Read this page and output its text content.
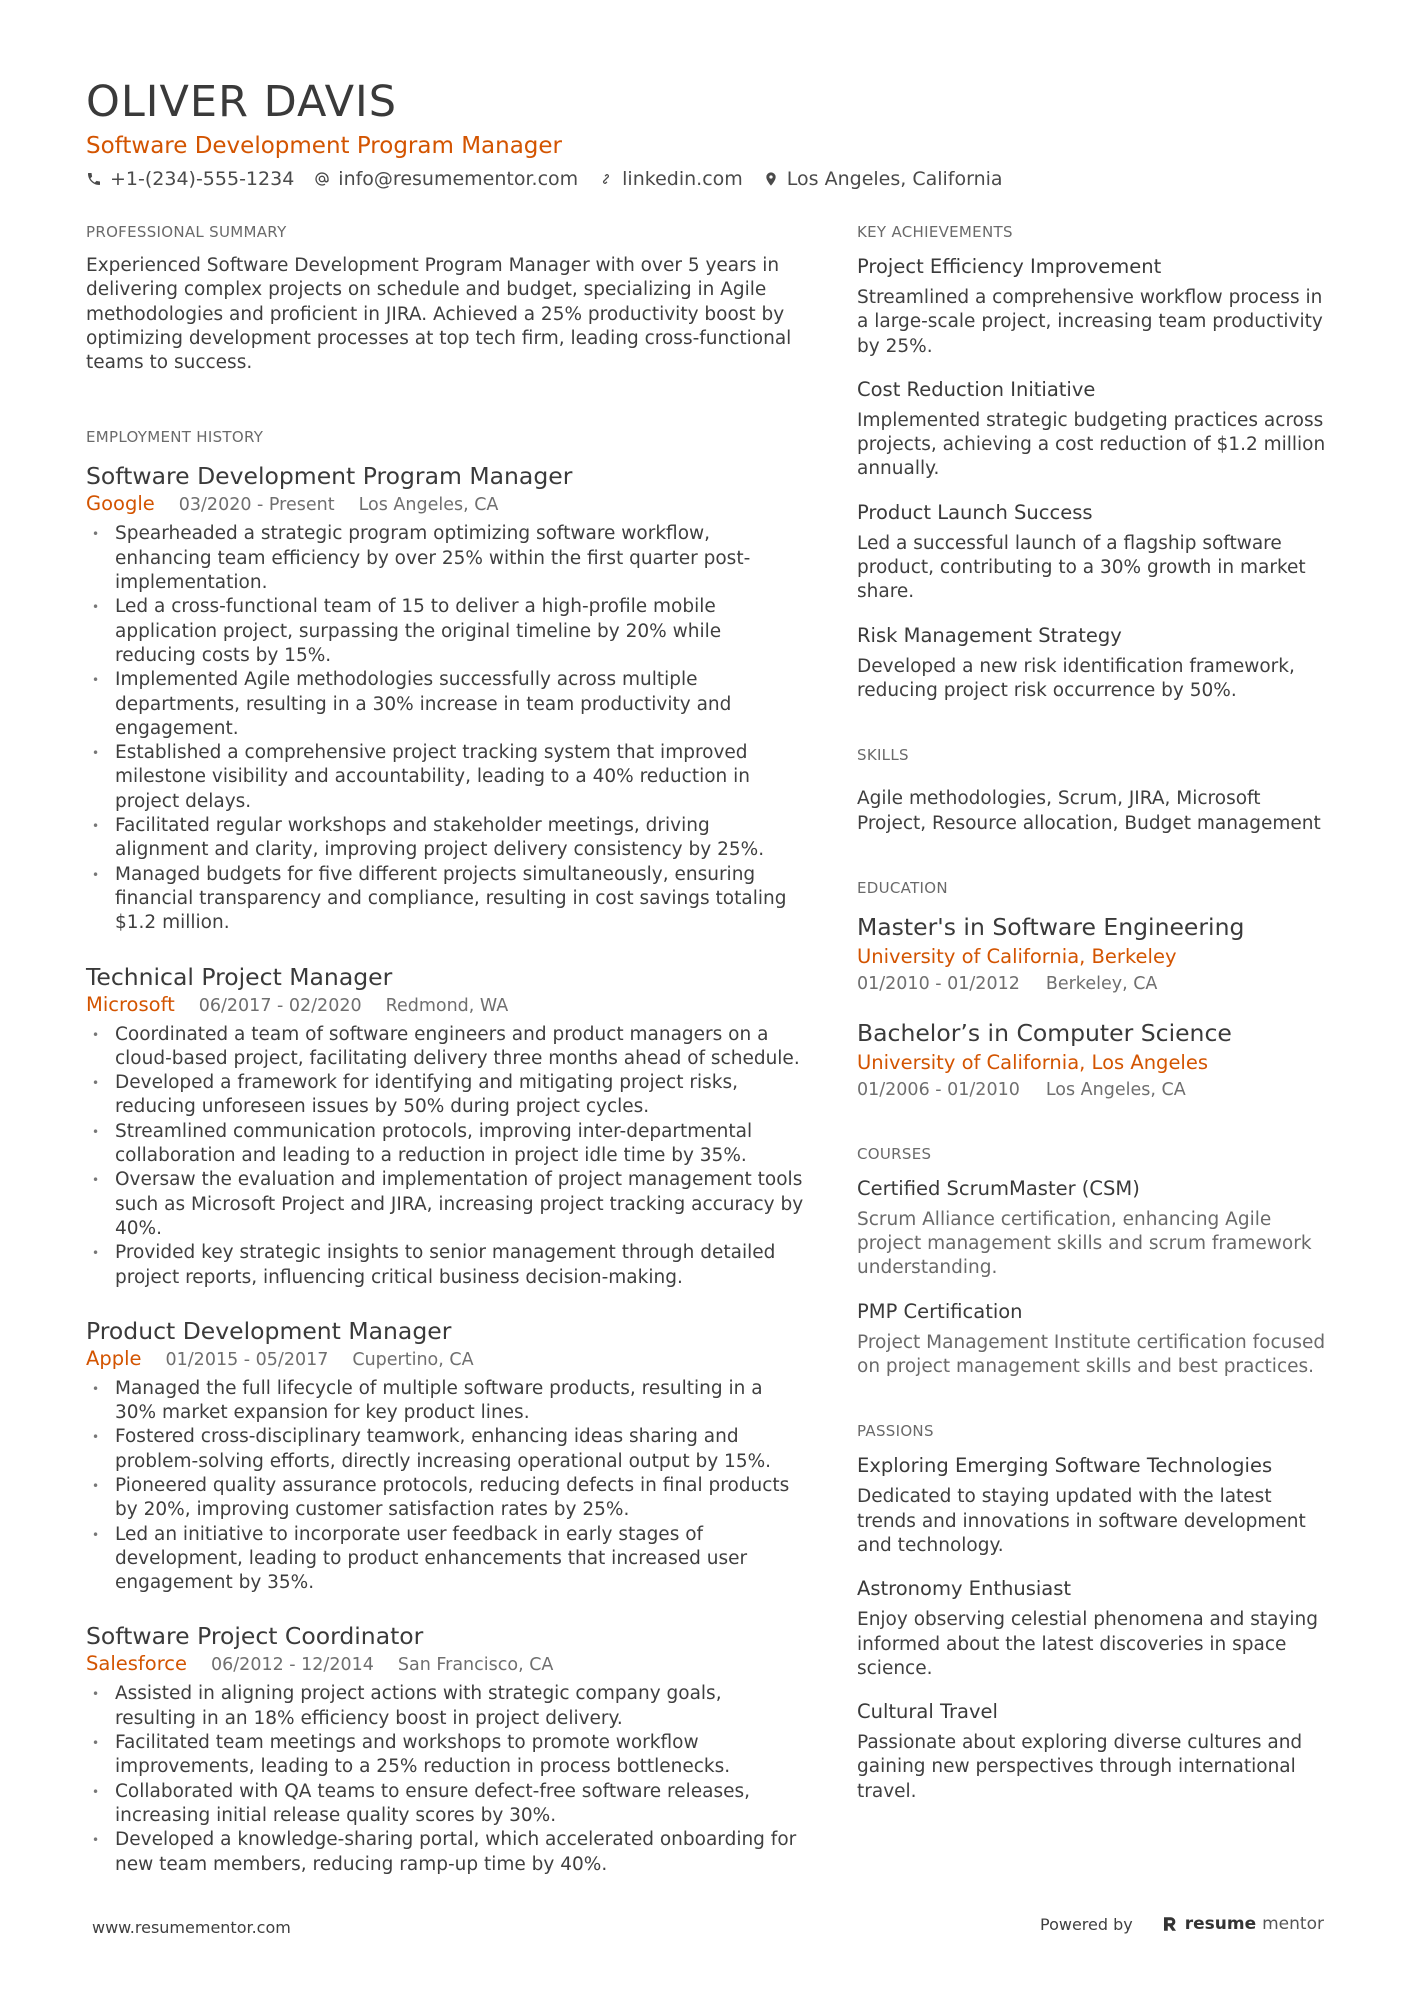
OLIVER DAVIS
Software Development Program Manager
+1-(234)-555-1234 info@resumementor.com linkedin.com Los Angeles, California
PROFESSIONAL SUMMARY
Experienced Software Development Program Manager with over 5 years in delivering complex projects on schedule and budget, specializing in Agile methodologies and proficient in JIRA. Achieved a 25% productivity boost by optimizing development processes at top tech firm, leading cross-functional teams to success.
EMPLOYMENT HISTORY
Software Development Program Manager
Google 03/2020 - Present Los Angeles, CA
• Spearheaded a strategic program optimizing software workflow, enhancing team efficiency by over 25% within the first quarter post-implementation.
• Led a cross-functional team of 15 to deliver a high-profile mobile application project, surpassing the original timeline by 20% while reducing costs by 15%.
• Implemented Agile methodologies successfully across multiple departments, resulting in a 30% increase in team productivity and engagement.
• Established a comprehensive project tracking system that improved milestone visibility and accountability, leading to a 40% reduction in project delays.
• Facilitated regular workshops and stakeholder meetings, driving alignment and clarity, improving project delivery consistency by 25%.
• Managed budgets for five different projects simultaneously, ensuring financial transparency and compliance, resulting in cost savings totaling $1.2 million.
Technical Project Manager
Microsoft 06/2017 - 02/2020 Redmond, WA
• Coordinated a team of software engineers and product managers on a cloud-based project, facilitating delivery three months ahead of schedule.
• Developed a framework for identifying and mitigating project risks, reducing unforeseen issues by 50% during project cycles.
• Streamlined communication protocols, improving inter-departmental collaboration and leading to a reduction in project idle time by 35%.
• Oversaw the evaluation and implementation of project management tools such as Microsoft Project and JIRA, increasing project tracking accuracy by 40%.
• Provided key strategic insights to senior management through detailed project reports, influencing critical business decision-making.
Product Development Manager
Apple 01/2015 - 05/2017 Cupertino, CA
• Managed the full lifecycle of multiple software products, resulting in a 30% market expansion for key product lines.
• Fostered cross-disciplinary teamwork, enhancing ideas sharing and problem-solving efforts, directly increasing operational output by 15%.
• Pioneered quality assurance protocols, reducing defects in final products by 20%, improving customer satisfaction rates by 25%.
• Led an initiative to incorporate user feedback in early stages of development, leading to product enhancements that increased user engagement by 35%.
Software Project Coordinator
Salesforce 06/2012 - 12/2014 San Francisco, CA
• Assisted in aligning project actions with strategic company goals, resulting in an 18% efficiency boost in project delivery.
• Facilitated team meetings and workshops to promote workflow improvements, leading to a 25% reduction in process bottlenecks.
• Collaborated with QA teams to ensure defect-free software releases, increasing initial release quality scores by 30%.
• Developed a knowledge-sharing portal, which accelerated onboarding for new team members, reducing ramp-up time by 40%.
KEY ACHIEVEMENTS
Project Efficiency Improvement
Streamlined a comprehensive workflow process in a large-scale project, increasing team productivity by 25%.
Cost Reduction Initiative
Implemented strategic budgeting practices across projects, achieving a cost reduction of $1.2 million annually.
Product Launch Success
Led a successful launch of a flagship software product, contributing to a 30% growth in market share.
Risk Management Strategy
Developed a new risk identification framework, reducing project risk occurrence by 50%.
SKILLS
Agile methodologies, Scrum, JIRA, Microsoft Project, Resource allocation, Budget management
EDUCATION
Master's in Software Engineering
University of California, Berkeley
01/2010 - 01/2012 Berkeley, CA
Bachelor’s in Computer Science
University of California, Los Angeles
01/2006 - 01/2010 Los Angeles, CA
COURSES
Certified ScrumMaster (CSM)
Scrum Alliance certification, enhancing Agile project management skills and scrum framework understanding.
PMP Certification
Project Management Institute certification focused on project management skills and best practices.
PASSIONS
Exploring Emerging Software Technologies
Dedicated to staying updated with the latest trends and innovations in software development and technology.
Astronomy Enthusiast
Enjoy observing celestial phenomena and staying informed about the latest discoveries in space science.
Cultural Travel
Passionate about exploring diverse cultures and gaining new perspectives through international travel.
www.resumementor.com	Powered by	resume mentor
